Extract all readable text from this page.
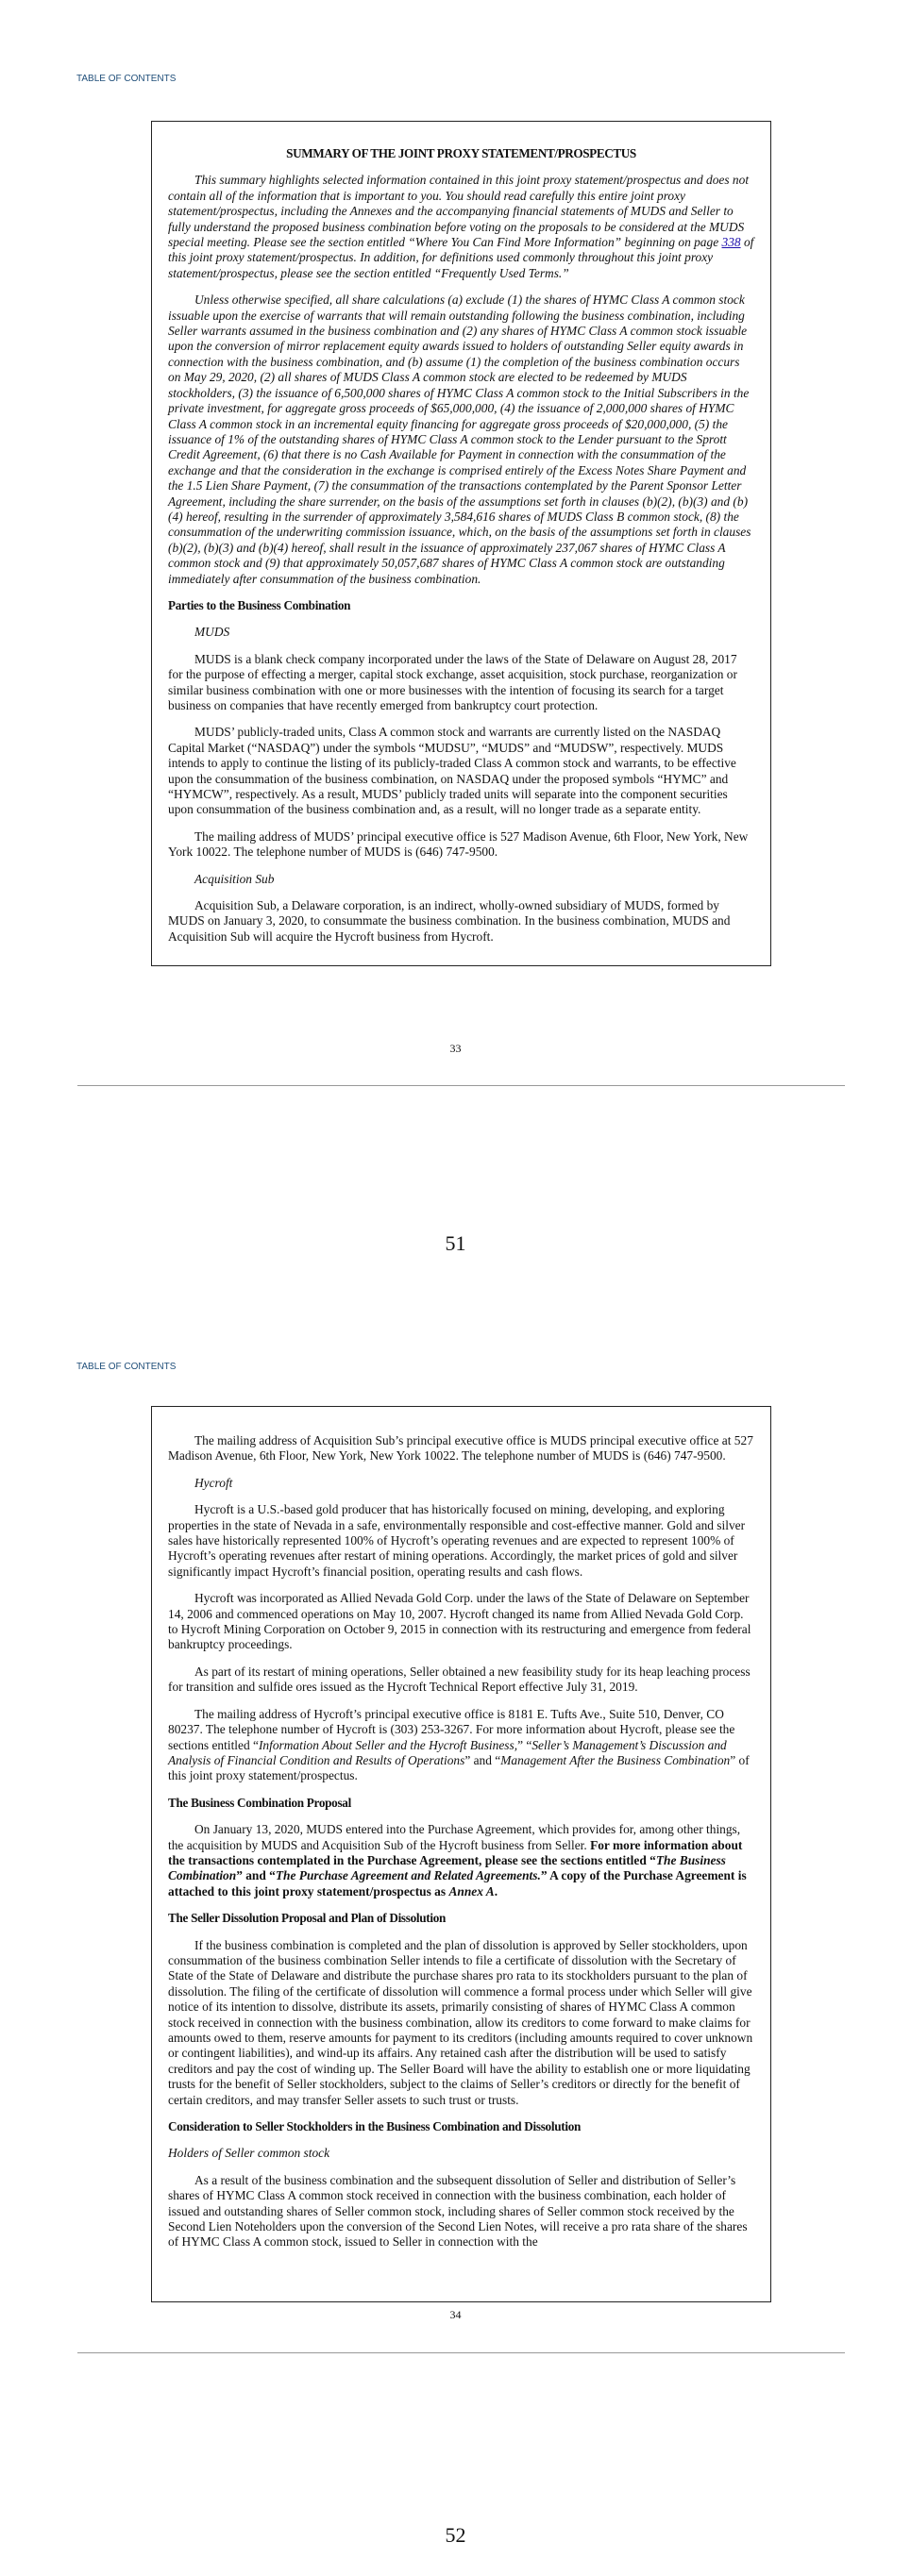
TABLE OF CONTENTS
SUMMARY OF THE JOINT PROXY STATEMENT/PROSPECTUS

This summary highlights selected information contained in this joint proxy statement/prospectus and does not contain all of the information that is important to you. You should read carefully this entire joint proxy statement/prospectus, including the Annexes and the accompanying financial statements of MUDS and Seller to fully understand the proposed business combination before voting on the proposals to be considered at the MUDS special meeting. Please see the section entitled “Where You Can Find More Information” beginning on page 338 of this joint proxy statement/prospectus. In addition, for definitions used commonly throughout this joint proxy statement/prospectus, please see the section entitled “Frequently Used Terms.”

Unless otherwise specified, all share calculations (a) exclude (1) the shares of HYMC Class A common stock issuable upon the exercise of warrants that will remain outstanding following the business combination, including Seller warrants assumed in the business combination and (2) any shares of HYMC Class A common stock issuable upon the conversion of mirror replacement equity awards issued to holders of outstanding Seller equity awards in connection with the business combination, and (b) assume (1) the completion of the business combination occurs on May 29, 2020, (2) all shares of MUDS Class A common stock are elected to be redeemed by MUDS stockholders, (3) the issuance of 6,500,000 shares of HYMC Class A common stock to the Initial Subscribers in the private investment, for aggregate gross proceeds of $65,000,000, (4) the issuance of 2,000,000 shares of HYMC Class A common stock in an incremental equity financing for aggregate gross proceeds of $20,000,000, (5) the issuance of 1% of the outstanding shares of HYMC Class A common stock to the Lender pursuant to the Sprott Credit Agreement, (6) that there is no Cash Available for Payment in connection with the consummation of the exchange and that the consideration in the exchange is comprised entirely of the Excess Notes Share Payment and the 1.5 Lien Share Payment, (7) the consummation of the transactions contemplated by the Parent Sponsor Letter Agreement, including the share surrender, on the basis of the assumptions set forth in clauses (b)(2), (b)(3) and (b)(4) hereof, resulting in the surrender of approximately 3,584,616 shares of MUDS Class B common stock, (8) the consummation of the underwriting commission issuance, which, on the basis of the assumptions set forth in clauses (b)(2), (b)(3) and (b)(4) hereof, shall result in the issuance of approximately 237,067 shares of HYMC Class A common stock and (9) that approximately 50,057,687 shares of HYMC Class A common stock are outstanding immediately after consummation of the business combination.

Parties to the Business Combination

MUDS

MUDS is a blank check company incorporated under the laws of the State of Delaware on August 28, 2017 for the purpose of effecting a merger, capital stock exchange, asset acquisition, stock purchase, reorganization or similar business combination with one or more businesses with the intention of focusing its search for a target business on companies that have recently emerged from bankruptcy court protection.

MUDS’ publicly-traded units, Class A common stock and warrants are currently listed on the NASDAQ Capital Market (“NASDAQ”) under the symbols “MUDSU”, “MUDS” and “MUDSW”, respectively. MUDS intends to apply to continue the listing of its publicly-traded Class A common stock and warrants, to be effective upon the consummation of the business combination, on NASDAQ under the proposed symbols “HYMC” and “HYMCW”, respectively. As a result, MUDS’ publicly traded units will separate into the component securities upon consummation of the business combination and, as a result, will no longer trade as a separate entity.

The mailing address of MUDS’ principal executive office is 527 Madison Avenue, 6th Floor, New York, New York 10022. The telephone number of MUDS is (646) 747-9500.

Acquisition Sub

Acquisition Sub, a Delaware corporation, is an indirect, wholly-owned subsidiary of MUDS, formed by MUDS on January 3, 2020, to consummate the business combination. In the business combination, MUDS and Acquisition Sub will acquire the Hycroft business from Hycroft.

33
51
TABLE OF CONTENTS

The mailing address of Acquisition Sub’s principal executive office is MUDS principal executive office at 527 Madison Avenue, 6th Floor, New York, New York 10022. The telephone number of MUDS is (646) 747-9500.

Hycroft

Hycroft is a U.S.-based gold producer that has historically focused on mining, developing, and exploring properties in the state of Nevada in a safe, environmentally responsible and cost-effective manner. Gold and silver sales have historically represented 100% of Hycroft’s operating revenues and are expected to represent 100% of Hycroft’s operating revenues after restart of mining operations. Accordingly, the market prices of gold and silver significantly impact Hycroft’s financial position, operating results and cash flows.

Hycroft was incorporated as Allied Nevada Gold Corp. under the laws of the State of Delaware on September 14, 2006 and commenced operations on May 10, 2007. Hycroft changed its name from Allied Nevada Gold Corp. to Hycroft Mining Corporation on October 9, 2015 in connection with its restructuring and emergence from federal bankruptcy proceedings.

As part of its restart of mining operations, Seller obtained a new feasibility study for its heap leaching process for transition and sulfide ores issued as the Hycroft Technical Report effective July 31, 2019.

The mailing address of Hycroft’s principal executive office is 8181 E. Tufts Ave., Suite 510, Denver, CO 80237. The telephone number of Hycroft is (303) 253-3267. For more information about Hycroft, please see the sections entitled “Information About Seller and the Hycroft Business,” “Seller’s Management’s Discussion and Analysis of Financial Condition and Results of Operations” and “Management After the Business Combination” of this joint proxy statement/prospectus.

The Business Combination Proposal

On January 13, 2020, MUDS entered into the Purchase Agreement, which provides for, among other things, the acquisition by MUDS and Acquisition Sub of the Hycroft business from Seller. For more information about the transactions contemplated in the Purchase Agreement, please see the sections entitled “The Business Combination” and “The Purchase Agreement and Related Agreements.” A copy of the Purchase Agreement is attached to this joint proxy statement/prospectus as Annex A.

The Seller Dissolution Proposal and Plan of Dissolution

If the business combination is completed and the plan of dissolution is approved by Seller stockholders, upon consummation of the business combination Seller intends to file a certificate of dissolution with the Secretary of State of the State of Delaware and distribute the purchase shares pro rata to its stockholders pursuant to the plan of dissolution. The filing of the certificate of dissolution will commence a formal process under which Seller will give notice of its intention to dissolve, distribute its assets, primarily consisting of shares of HYMC Class A common stock received in connection with the business combination, allow its creditors to come forward to make claims for amounts owed to them, reserve amounts for payment to its creditors (including amounts required to cover unknown or contingent liabilities), and wind-up its affairs. Any retained cash after the distribution will be used to satisfy creditors and pay the cost of winding up. The Seller Board will have the ability to establish one or more liquidating trusts for the benefit of Seller stockholders, subject to the claims of Seller’s creditors or directly for the benefit of certain creditors, and may transfer Seller assets to such trust or trusts.

Consideration to Seller Stockholders in the Business Combination and Dissolution

Holders of Seller common stock

As a result of the business combination and the subsequent dissolution of Seller and distribution of Seller’s shares of HYMC Class A common stock received in connection with the business combination, each holder of issued and outstanding shares of Seller common stock, including shares of Seller common stock received by the Second Lien Noteholders upon the conversion of the Second Lien Notes, will receive a pro rata share of the shares of HYMC Class A common stock, issued to Seller in connection with the

34
52
